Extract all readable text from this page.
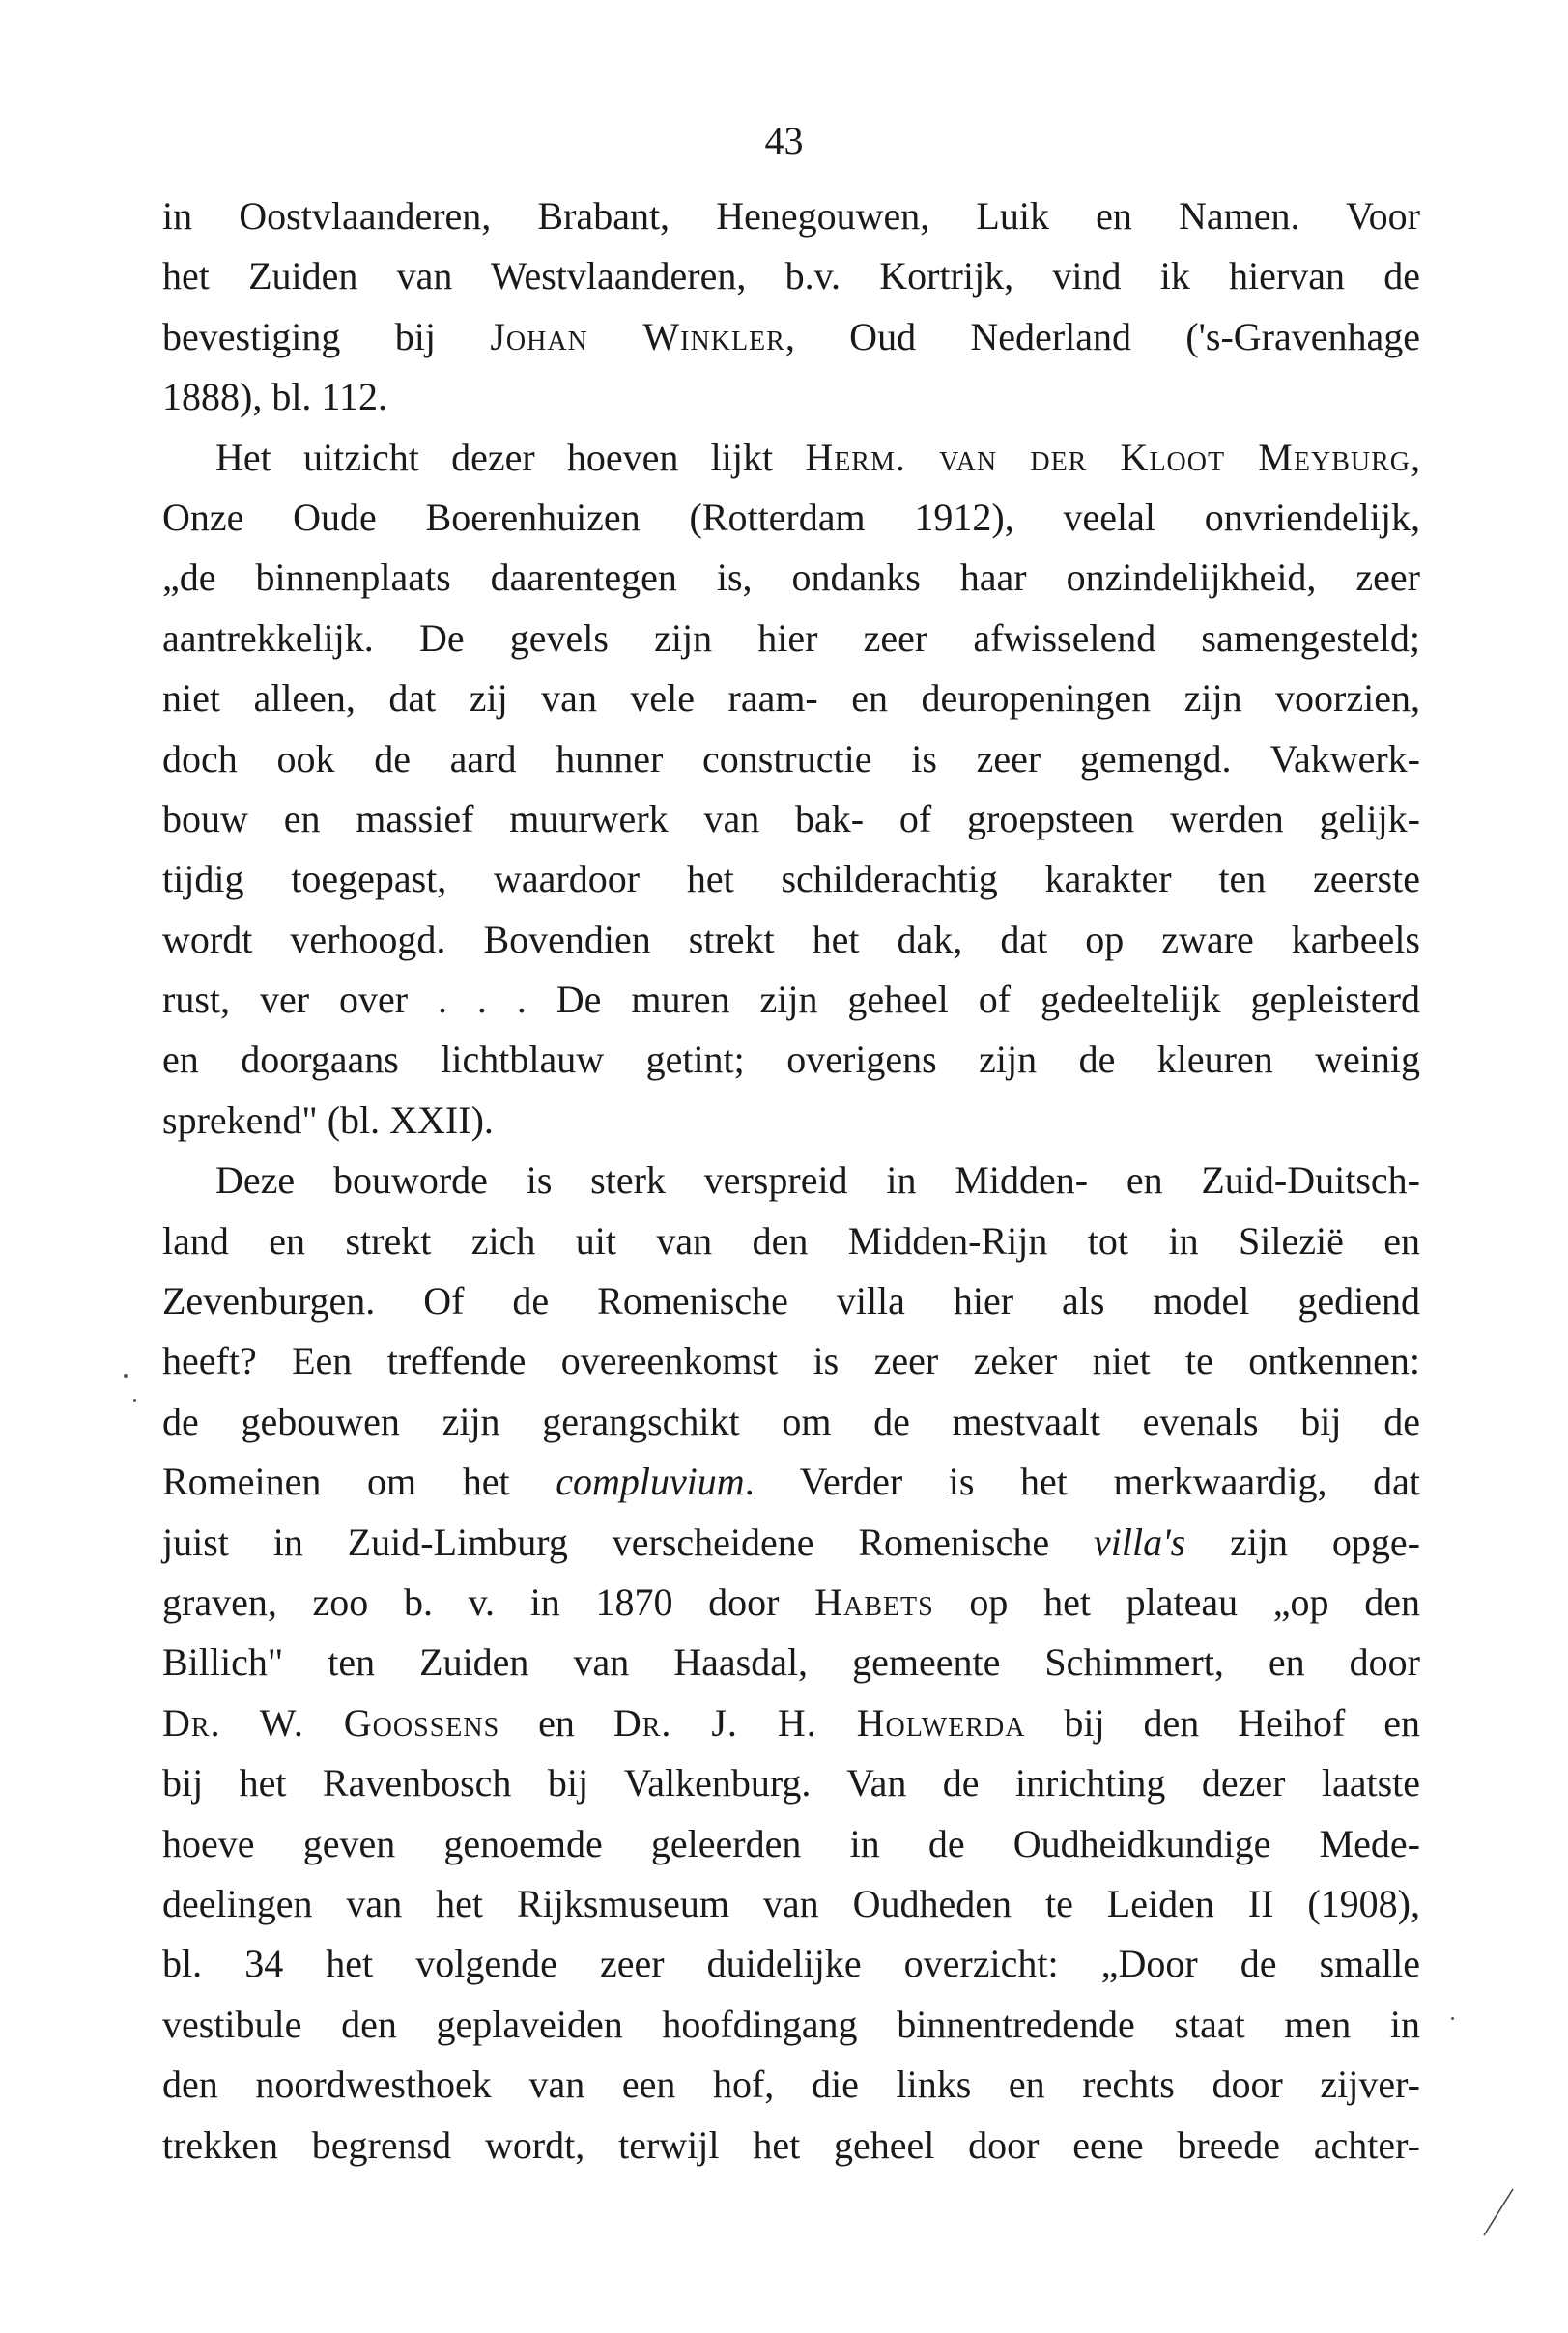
43
in Oostvlaanderen, Brabant, Henegouwen, Luik en Namen. Voor
het Zuiden van Westvlaanderen, b.v. Kortrijk, vind ik hiervan de
bevestiging bij Johan Winkler, Oud Nederland ('s-Gravenhage
1888), bl. 112.
Het uitzicht dezer hoeven lijkt Herm. van der Kloot Meyburg,
Onze Oude Boerenhuizen (Rotterdam 1912), veelal onvriendelijk,
„de binnenplaats daarentegen is, ondanks haar onzindelijkheid, zeer
aantrekkelijk. De gevels zijn hier zeer afwisselend samengesteld;
niet alleen, dat zij van vele raam- en deuropeningen zijn voorzien,
doch ook de aard hunner constructie is zeer gemengd. Vakwerk-
bouw en massief muurwerk van bak- of groepsteen werden gelijk-
tijdig toegepast, waardoor het schilderachtig karakter ten zeerste
wordt verhoogd. Bovendien strekt het dak, dat op zware karbeels
rust, ver over . . . De muren zijn geheel of gedeeltelijk gepleisterd
en doorgaans lichtblauw getint; overigens zijn de kleuren weinig
sprekend" (bl. XXII).
Deze bouworde is sterk verspreid in Midden- en Zuid-Duitsch-
land en strekt zich uit van den Midden-Rijn tot in Silezië en
Zevenburgen. Of de Romenische villa hier als model gediend
heeft? Een treffende overeenkomst is zeer zeker niet te ontkennen:
de gebouwen zijn gerangschikt om de mestvaalt evenals bij de
Romeinen om het compluvium. Verder is het merkwaardig, dat
juist in Zuid-Limburg verscheidene Romenische villa's zijn opge-
graven, zoo b. v. in 1870 door Habets op het plateau „op den
Billich" ten Zuiden van Haasdal, gemeente Schimmert, en door
Dr. W. Goossens en Dr. J. H. Holwerda bij den Heihof en
bij het Ravenbosch bij Valkenburg. Van de inrichting dezer laatste
hoeve geven genoemde geleerden in de Oudheidkundige Mede-
deelingen van het Rijksmuseum van Oudheden te Leiden II (1908),
bl. 34 het volgende zeer duidelijke overzicht: „Door de smalle
vestibule den geplaveiden hoofdingang binnentredende staat men in
den noordwesthoek van een hof, die links en rechts door zijver-
trekken begrensd wordt, terwijl het geheel door eene breede achter-
